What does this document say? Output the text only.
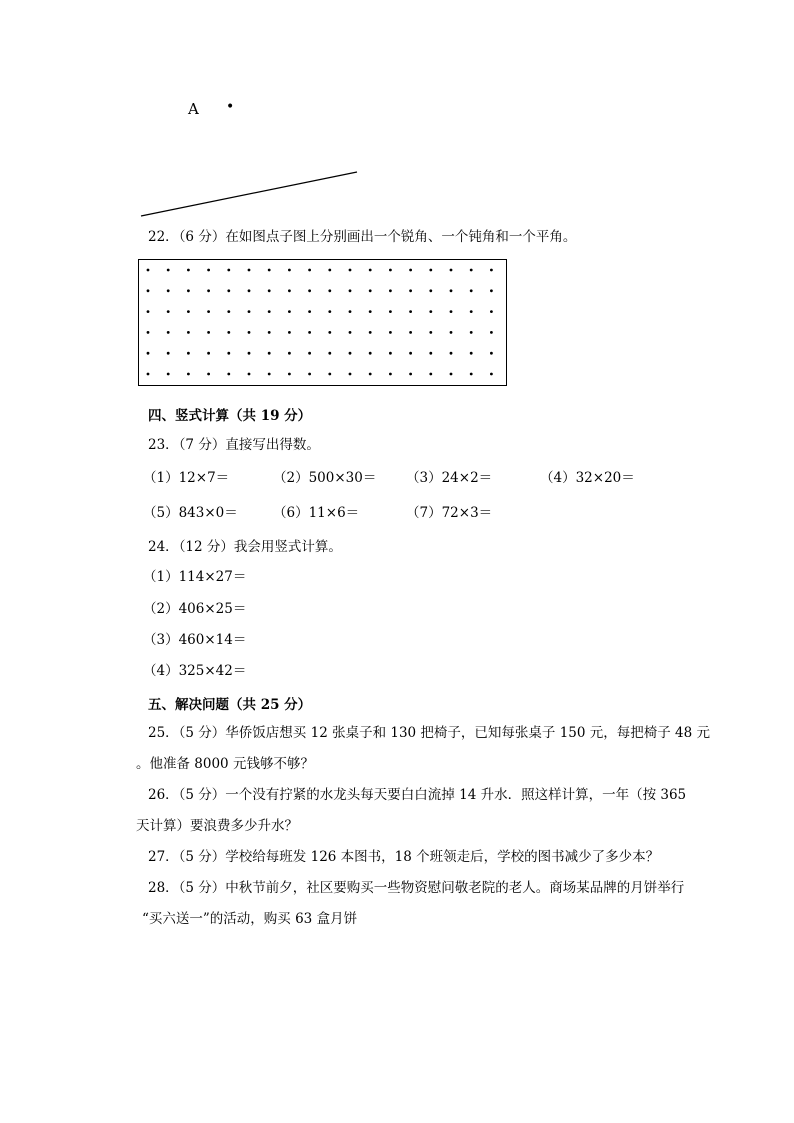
A •
22．（6 分）在如图点子图上分别画出一个锐角、一个钝角和一个平角。
四、竖式计算（共 19 分）
23．（7 分）直接写出得数。
（1）12×7＝	（2）500×30＝ （3）24×2＝	（4）32×20＝
（5）843×0＝	（6）11×6＝	（7）72×3＝
24．（12 分）我会用竖式计算。
（1）114×27＝
（2）406×25＝
（3）460×14＝
（4）325×42＝
五、解决问题（共 25 分）
25．（5 分）华侨饭店想买 12 张桌子和 130 把椅子，已知每张桌子 150 元，每把椅子 48 元
。他准备 8000 元钱够不够？
26．（5 分）一个没有拧紧的水龙头每天要白白流掉 14 升水．照这样计算，一年（按 365
天计算）要浪费多少升水？
27．（5 分）学校给每班发 126 本图书，18 个班领走后，学校的图书减少了多少本？
28．（5 分）中秋节前夕，社区要购买一些物资慰问敬老院的老人。商场某品牌的月饼举行
“买六送一”的活动，购买 63 盒月饼
